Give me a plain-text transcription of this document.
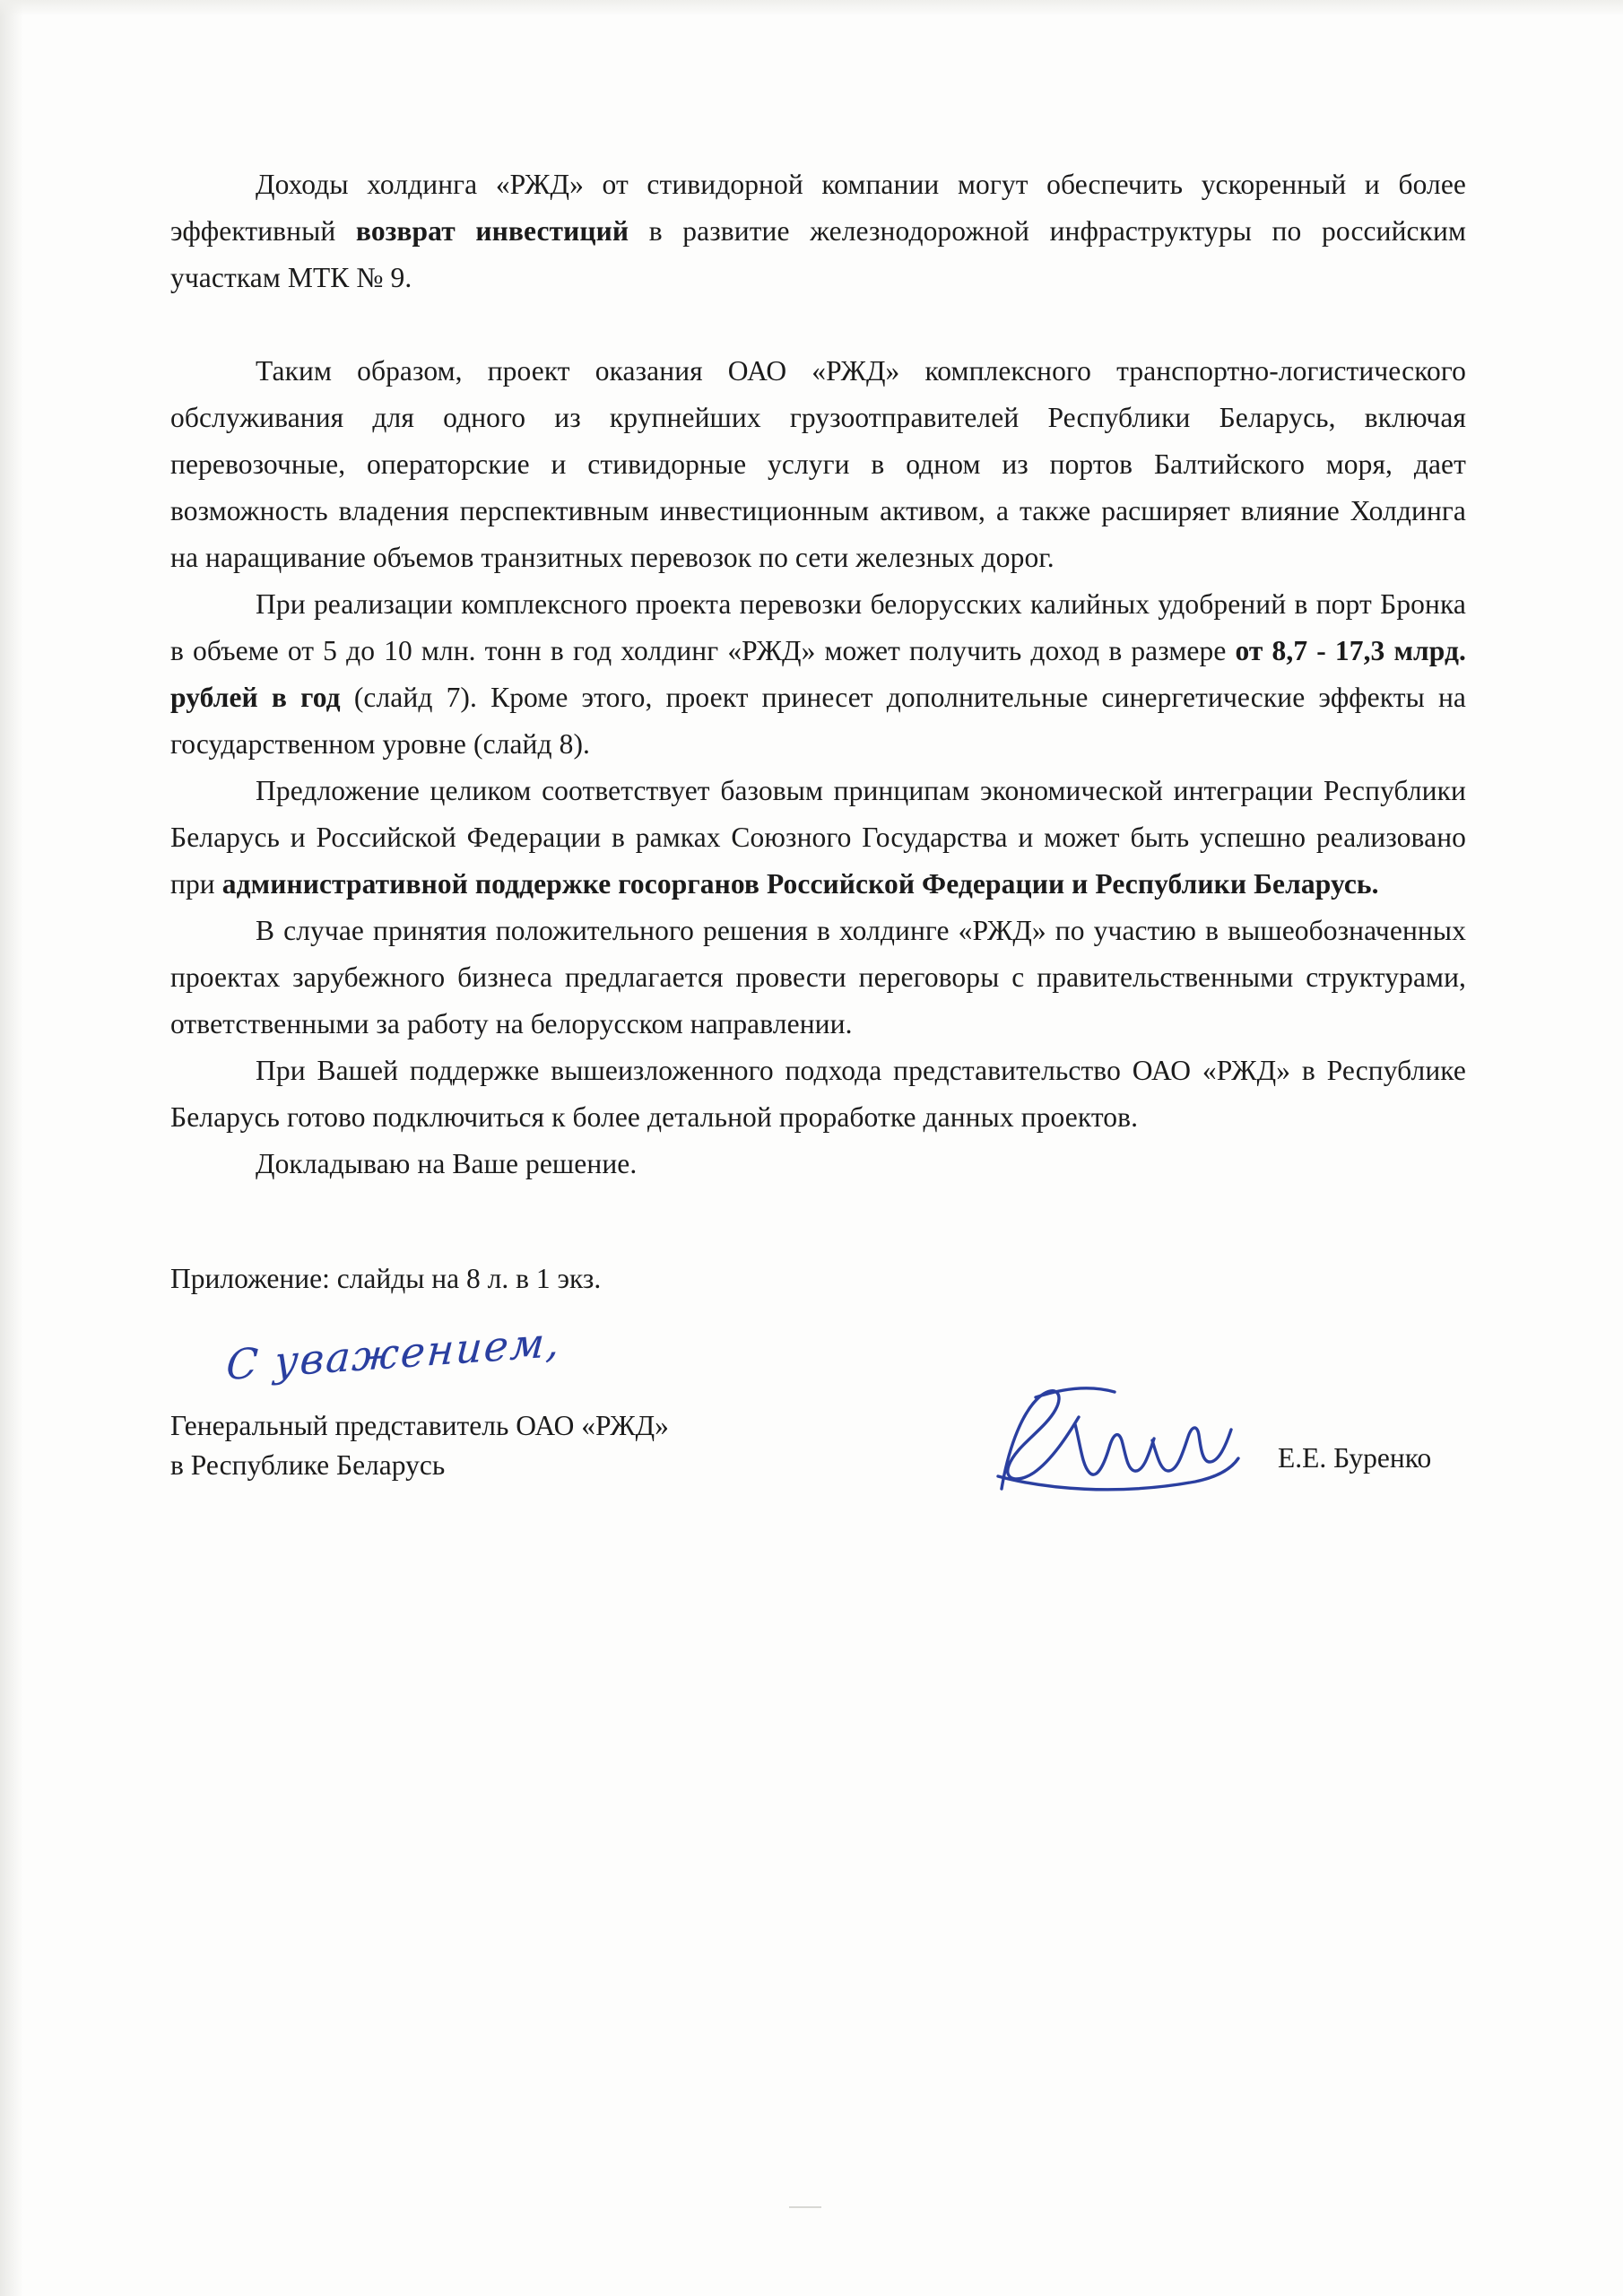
Доходы холдинга «РЖД» от стивидорной компании могут обеспечить ускоренный и более эффективный возврат инвестиций в развитие железнодорожной инфраструктуры по российским участкам МТК № 9.

Таким образом, проект оказания ОАО «РЖД» комплексного транспортно-логистического обслуживания для одного из крупнейших грузоотправителей Республики Беларусь, включая перевозочные, операторские и стивидорные услуги в одном из портов Балтийского моря, дает возможность владения перспективным инвестиционным активом, а также расширяет влияние Холдинга на наращивание объемов транзитных перевозок по сети железных дорог.

При реализации комплексного проекта перевозки белорусских калийных удобрений в порт Бронка в объеме от 5 до 10 млн. тонн в год холдинг «РЖД» может получить доход в размере от 8,7 - 17,3 млрд. рублей в год (слайд 7). Кроме этого, проект принесет дополнительные синергетические эффекты на государственном уровне (слайд 8).

Предложение целиком соответствует базовым принципам экономической интеграции Республики Беларусь и Российской Федерации в рамках Союзного Государства и может быть успешно реализовано при административной поддержке госорганов Российской Федерации и Республики Беларусь.

В случае принятия положительного решения в холдинге «РЖД» по участию в вышеобозначенных проектах зарубежного бизнеса предлагается провести переговоры с правительственными структурами, ответственными за работу на белорусском направлении.

При Вашей поддержке вышеизложенного подхода представительство ОАО «РЖД» в Республике Беларусь готово подключиться к более детальной проработке данных проектов.

Докладываю на Ваше решение.

Приложение: слайды на 8 л. в 1 экз.
С уважением,
Генеральный представитель ОАО «РЖД»
в Республике Беларусь	Е.Е. Буренко
